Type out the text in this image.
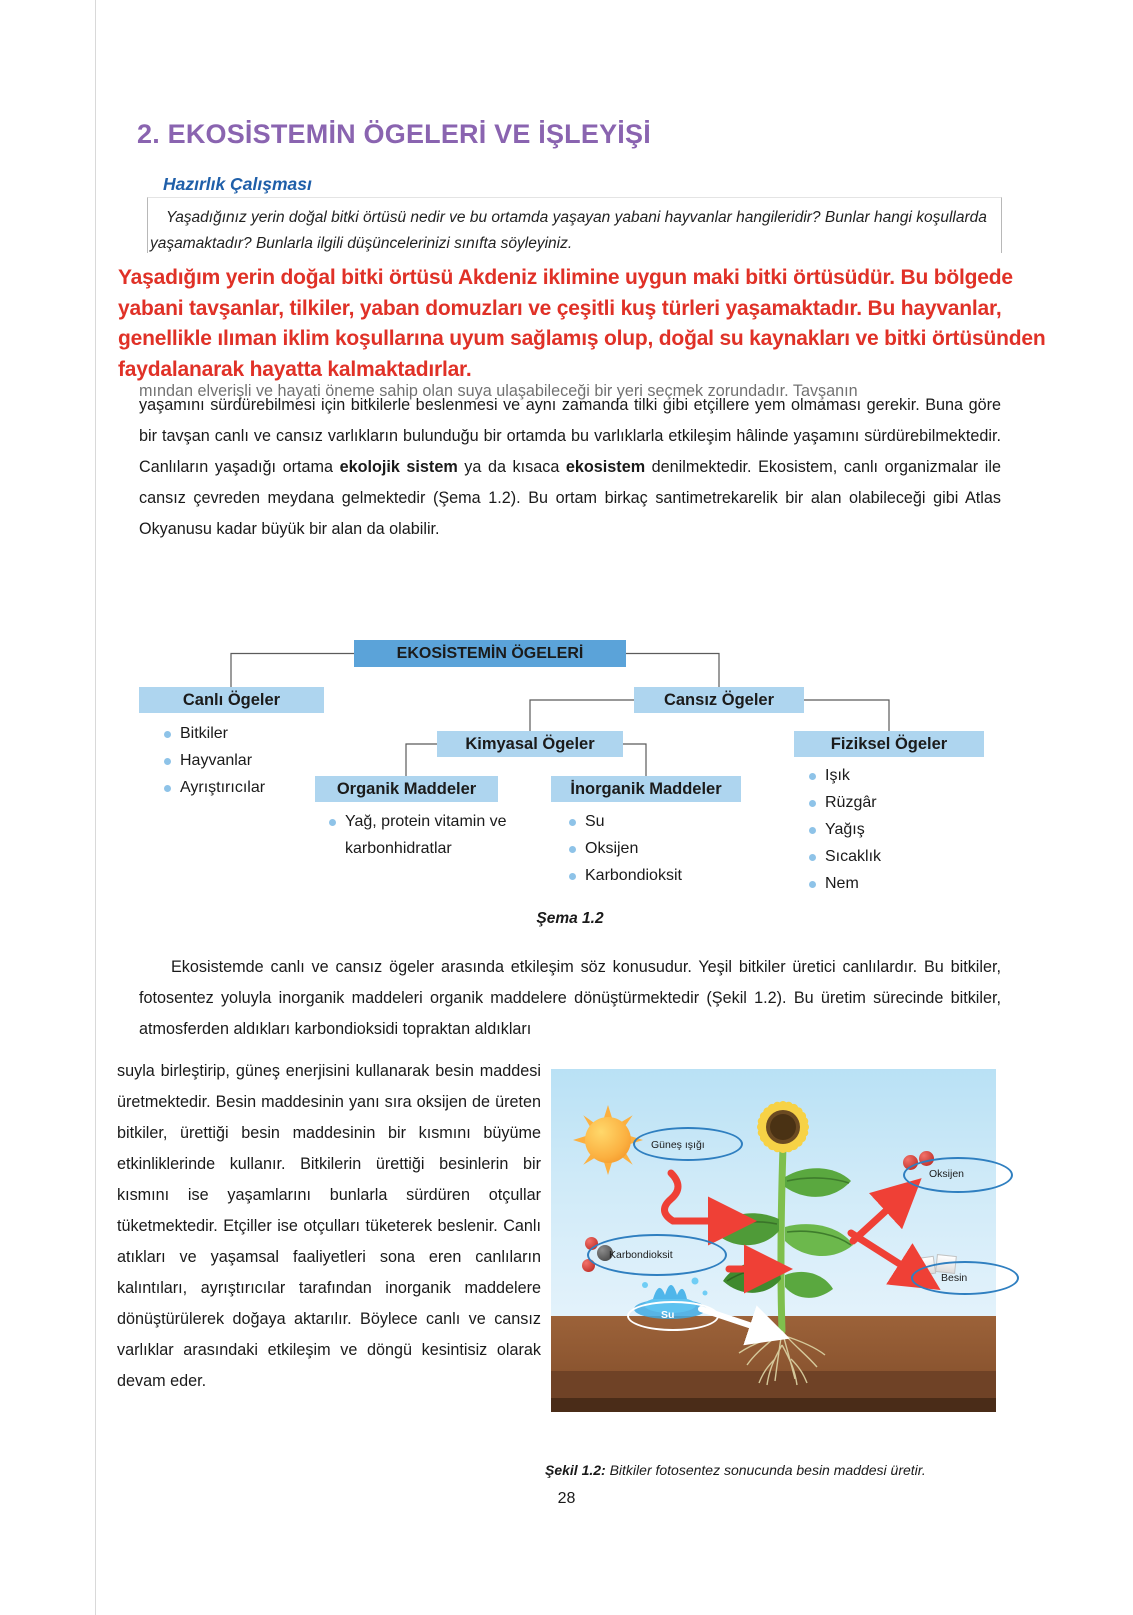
2. EKOSİSTEMİN ÖGELERİ VE İŞLEYİŞİ
Hazırlık Çalışması
Yaşadığınız yerin doğal bitki örtüsü nedir ve bu ortamda yaşayan yabani hayvanlar hangileridir? Bunlar hangi koşullarda yaşamaktadır? Bunlarla ilgili düşüncelerinizi sınıfta söyleyiniz.
Yaşadığım yerin doğal bitki örtüsü Akdeniz iklimine uygun maki bitki örtüsüdür. Bu bölgede yabani tavşanlar, tilkiler, yaban domuzları ve çeşitli kuş türleri yaşamaktadır. Bu hayvanlar, genellikle ılıman iklim koşullarına uyum sağlamış olup, doğal su kaynakları ve bitki örtüsünden faydalanarak hayatta kalmaktadırlar.
mından elverişli ve hayati öneme sahip olan suya ulaşabileceği bir yeri seçmek zorundadır. Tavşanın
yaşamını sürdürebilmesi için bitkilerle beslenmesi ve aynı zamanda tilki gibi etçillere yem olmaması gerekir. Buna göre bir tavşan canlı ve cansız varlıkların bulunduğu bir ortamda bu varlıklarla etkileşim hâlinde yaşamını sürdürebilmektedir. Canlıların yaşadığı ortama ekolojik sistem ya da kısaca ekosistem denilmektedir. Ekosistem, canlı organizmalar ile cansız çevreden meydana gelmektedir (Şema 1.2). Bu ortam birkaç santimetrekarelik bir alan olabileceği gibi Atlas Okyanusu kadar büyük bir alan da olabilir.
EKOSİSTEMİN ÖGELERİ
Canlı Ögeler	Cansız Ögeler
Kimyasal Ögeler	Fiziksel Ögeler
Organik Maddeler	İnorganik Maddeler
Bitkiler
Hayvanlar
Ayrıştırıcılar
Yağ, protein vitamin ve karbonhidratlar
Su
Oksijen
Karbondioksit
Işık
Rüzgâr
Yağış
Sıcaklık
Nem
Şema 1.2
Ekosistemde canlı ve cansız ögeler arasında etkileşim söz konusudur. Yeşil bitkiler üretici canlılardır. Bu bitkiler, fotosentez yoluyla inorganik maddeleri organik maddelere dönüştürmektedir (Şekil 1.2). Bu üretim sürecinde bitkiler, atmosferden aldıkları karbondioksidi topraktan aldıkları
suyla birleştirip, güneş enerjisini kullanarak besin maddesi üretmektedir. Besin maddesinin yanı sıra oksijen de üreten bitkiler, ürettiği besin maddesinin bir kısmını büyüme etkinliklerinde kullanır. Bitkilerin ürettiği besinlerin bir kısmını ise yaşamlarını bunlarla sürdüren otçullar tüketmektedir. Etçiller ise otçulları tüketerek beslenir. Canlı atıkları ve yaşamsal faaliyetleri sona eren canlıların kalıntıları, ayrıştırıcılar tarafından inorganik maddelere dönüştürülerek doğaya aktarılır. Böylece canlı ve cansız varlıklar arasındaki etkileşim ve döngü kesintisiz olarak devam eder.
Güneş ışığı
Karbondioksit
Oksijen
Besin
Su
Şekil 1.2: Bitkiler fotosentez sonucunda besin maddesi üretir.
28
